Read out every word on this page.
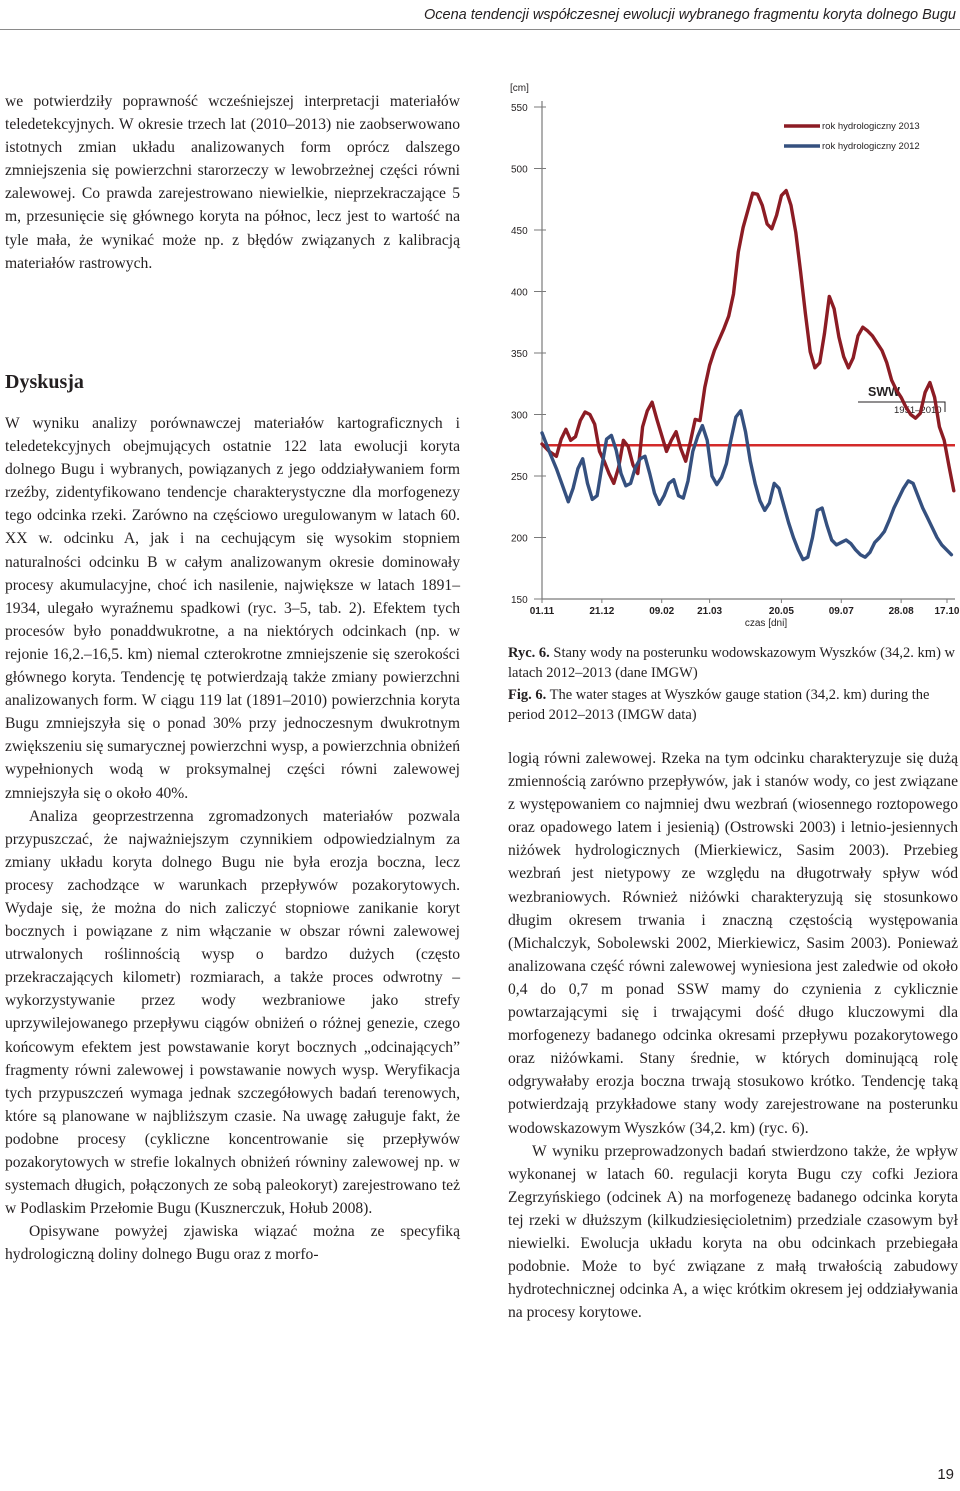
Ocena tendencji współczesnej ewolucji wybranego fragmentu koryta dolnego Bugu

we potwierdziły poprawność wcześniejszej interpretacji materiałów teledetekcyjnych. W okresie trzech lat (2010–2013) nie zaobserwowano istotnych zmian układu analizowanych form oprócz dalszego zmniejszenia się powierzchni starorzeczy w lewobrzeżnej części równi zalewowej. Co prawda zarejestrowano niewielkie, nieprzekraczające 5 m, przesunięcie się głównego koryta na północ, lecz jest to wartość na tyle mała, że wynikać może np. z błędów związanych z kalibracją materiałów rastrowych.

Dyskusja

W wyniku analizy porównawczej materiałów kartograficznych i teledetekcyjnych obejmujących ostatnie 122 lata ewolucji koryta dolnego Bugu i wybranych, powiązanych z jego oddziaływaniem form rzeźby, zidentyfikowano tendencje charakterystyczne dla morfogenezy tego odcinka rzeki. Zarówno na częściowo uregulowanym w latach 60. XX w. odcinku A, jak i na cechującym się wysokim stopniem naturalności odcinku B w całym analizowanym okresie dominowały procesy akumulacyjne, choć ich nasilenie, największe w latach 1891–1934, ulegało wyraźnemu spadkowi (ryc. 3–5, tab. 2). Efektem tych procesów było ponaddwukrotne, a na niektórych odcinkach (np. w rejonie 16,2.–16,5. km) niemal czterokrotne zmniejszenie się szerokości głównego koryta. Tendencję tę potwierdzają także zmiany powierzchni analizowanych form. W ciągu 119 lat (1891–2010) powierzchnia koryta Bugu zmniejszyła się o ponad 30% przy jednoczesnym dwukrotnym zwiększeniu się sumarycznej powierzchni wysp, a powierzchnia obniżeń wypełnionych wodą w proksymalnej części równi zalewowej zmniejszyła się o około 40%.

Analiza geoprzestrzenna zgromadzonych materiałów pozwala przypuszczać, że najważniejszym czynnikiem odpowiedzialnym za zmiany układu koryta dolnego Bugu nie była erozja boczna, lecz procesy zachodzące w warunkach przepływów pozakorytowych. Wydaje się, że można do nich zaliczyć stopniowe zanikanie koryt bocznych i powiązane z nim włączanie w obszar równi zalewowej utrwalonych roślinnością wysp o bardzo dużych (często przekraczających kilometr) rozmiarach, a także proces odwrotny – wykorzystywanie przez wody wezbraniowe jako strefy uprzywilejowanego przepływu ciągów obniżeń o różnej genezie, czego końcowym efektem jest powstawanie koryt bocznych „odcinających” fragmenty równi zalewowej i powstawanie nowych wysp. Weryfikacja tych przypuszczeń wymaga jednak szczegółowych badań terenowych, które są planowane w najbliższym czasie. Na uwagę załuguje fakt, że podobne procesy (cykliczne koncentrowanie się przepływów pozakorytowych w strefie lokalnych obniżeń równiny zalewowej np. w systemach długich, połączonych ze sobą paleokoryt) zarejestrowano też w Podlaskim Przełomie Bugu (Kusznerczuk, Hołub 2008).

Opisywane powyżej zjawiska wiązać można ze specyfiką hydrologiczną doliny dolnego Bugu oraz z morfo-

[cm]
550
500
450
400
350
300
250
200
150
01.11	21.12	09.02 21.03	20.05	09.07	28.08 17.10
czas [dni]
SWW
1951–2010
rok hydrologiczny 2013
rok hydrologiczny 2012
Ryc. 6. Stany wody na posterunku wodowskazowym Wyszków (34,2. km) w latach 2012–2013 (dane IMGW)
Fig. 6. The water stages at Wyszków gauge station (34,2. km) during the period 2012–2013 (IMGW data)

logią równi zalewowej. Rzeka na tym odcinku charakteryzuje się dużą zmiennością zarówno przepływów, jak i stanów wody, co jest związane z występowaniem co najmniej dwu wezbrań (wiosennego roztopowego oraz opadowego latem i jesienią) (Ostrowski 2003) i letnio-jesiennych niżówek hydrologicznych (Mierkiewicz, Sasim 2003). Przebieg wezbrań jest nietypowy ze względu na długotrwały spływ wód wezbraniowych. Również niżówki charakteryzują się stosunkowo długim okresem trwania i znaczną częstością występowania (Michalczyk, Sobolewski 2002, Mierkiewicz, Sasim 2003). Ponieważ analizowana część równi zalewowej wyniesiona jest zaledwie od około 0,4 do 0,7 m ponad SSW mamy do czynienia z cyklicznie powtarzającymi się i trwającymi dość długo kluczowymi dla morfogenezy badanego odcinka okresami przepływu pozakorytowego oraz niżówkami. Stany średnie, w których dominującą rolę odgrywałaby erozja boczna trwają stosukowo krótko. Tendencję taką potwierdzają przykładowe stany wody zarejestrowane na posterunku wodowskazowym Wyszków (34,2. km) (ryc. 6).

W wyniku przeprowadzonych badań stwierdzono także, że wpływ wykonanej w latach 60. regulacji koryta Bugu czy cofki Jeziora Zegrzyńskiego (odcinek A) na morfogenezę badanego odcinka koryta tej rzeki w dłuższym (kilkudziesięcioletnim) przedziale czasowym był niewielki. Ewolucja układu koryta na obu odcinkach przebiegała podobnie. Może to być związane z małą trwałością zabudowy hydrotechnicznej odcinka A, a więc krótkim okresem jej oddziaływania na procesy korytowe.

19
